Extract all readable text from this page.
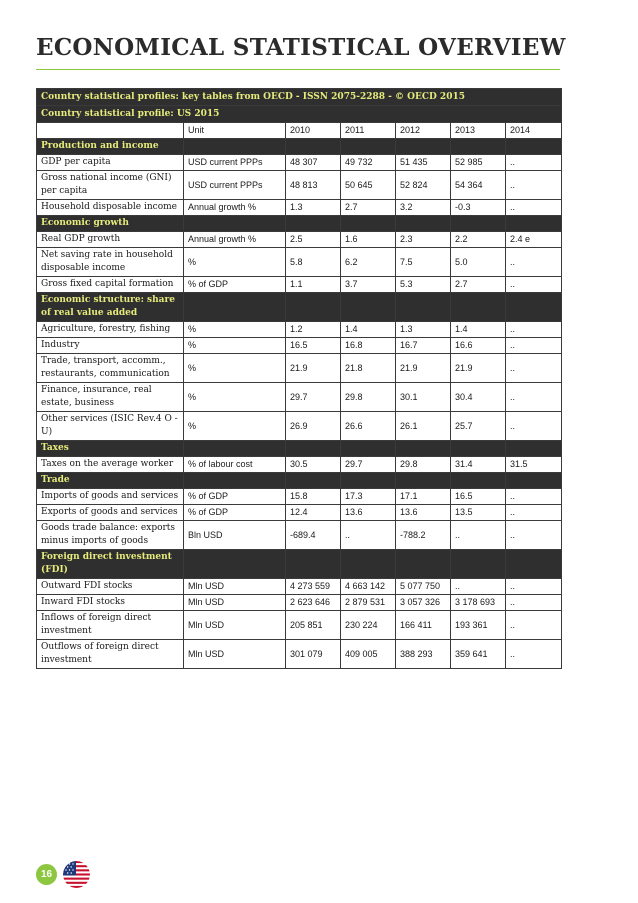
ECONOMICAL STATISTICAL OVERVIEW
Country statistical profiles: key tables from OECD - ISSN 2075-2288 - © OECD 2015						
Country statistical profile: US 2015						
	Unit	2010	2011	2012	2013	2014
Production and income						
GDP per capita	USD current PPPs	48 307	49 732	51 435	52 985	..
Gross national income (GNI) per capita	USD current PPPs	48 813	50 645	52 824	54 364	..
Household disposable income	Annual growth %	1.3	2.7	3.2	-0.3	..
Economic growth						
Real GDP growth	Annual growth %	2.5	1.6	2.3	2.2	2.4 e
Net saving rate in household disposable income	%	5.8	6.2	7.5	5.0	..
Gross fixed capital formation	% of GDP	1.1	3.7	5.3	2.7	..
Economic structure: share of real value added						
Agriculture, forestry, fishing	%	1.2	1.4	1.3	1.4	..
Industry	%	16.5	16.8	16.7	16.6	..
Trade, transport, accomm., restaurants, communication	%	21.9	21.8	21.9	21.9	..
Finance, insurance, real estate, business	%	29.7	29.8	30.1	30.4	..
Other services (ISIC Rev.4 O - U)	%	26.9	26.6	26.1	25.7	..
Taxes						
Taxes on the average worker	% of labour cost	30.5	29.7	29.8	31.4	31.5
Trade						
Imports of goods and services	% of GDP	15.8	17.3	17.1	16.5	..
Exports of goods and services	% of GDP	12.4	13.6	13.6	13.5	..
Goods trade balance: exports minus imports of goods	Bln USD	-689.4	..	-788.2	..	..
Foreign direct investment (FDI)						
Outward FDI stocks	Mln USD	4 273 559	4 663 142	5 077 750	..	..
Inward FDI stocks	Mln USD	2 623 646	2 879 531	3 057 326	3 178 693	..
Inflows of foreign direct investment	Mln USD	205 851	230 224	166 411	193 361	..
Outflows of foreign direct investment	Mln USD	301 079	409 005	388 293	359 641	..
16
